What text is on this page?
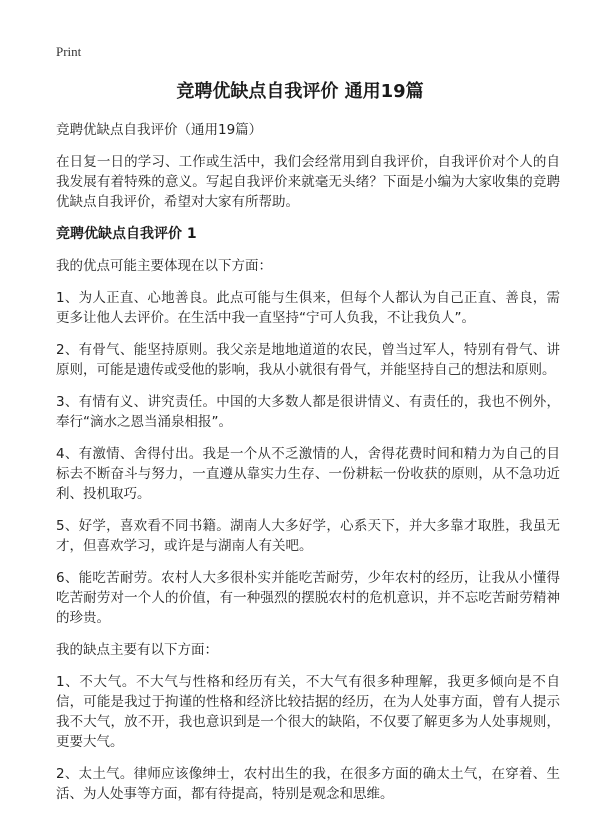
Print
竞聘优缺点自我评价 通用19篇

竞聘优缺点自我评价（通用19篇）

在日复一日的学习、工作或生活中，我们会经常用到自我评价，自我评价对个人的自我发展有着特殊的意义。写起自我评价来就毫无头绪？下面是小编为大家收集的竞聘优缺点自我评价，希望对大家有所帮助。

竞聘优缺点自我评价 1

我的优点可能主要体现在以下方面：

1、为人正直、心地善良。此点可能与生俱来，但每个人都认为自己正直、善良，需更多让他人去评价。在生活中我一直坚持“宁可人负我，不让我负人”。

2、有骨气、能坚持原则。我父亲是地地道道的农民，曾当过军人，特别有骨气、讲原则，可能是遗传或受他的影响，我从小就很有骨气，并能坚持自己的想法和原则。

3、有情有义、讲究责任。中国的大多数人都是很讲情义、有责任的，我也不例外，奉行“滴水之恩当涌泉相报”。

4、有激情、舍得付出。我是一个从不乏激情的人，舍得花费时间和精力为自己的目标去不断奋斗与努力，一直遵从靠实力生存、一份耕耘一份收获的原则，从不急功近利、投机取巧。

5、好学，喜欢看不同书籍。湖南人大多好学，心系天下，并大多靠才取胜，我虽无才，但喜欢学习，或许是与湖南人有关吧。

6、能吃苦耐劳。农村人大多很朴实并能吃苦耐劳，少年农村的经历，让我从小懂得吃苦耐劳对一个人的价值，有一种强烈的摆脱农村的危机意识，并不忘吃苦耐劳精神的珍贵。

我的缺点主要有以下方面：

1、不大气。不大气与性格和经历有关，不大气有很多种理解，我更多倾向是不自信，可能是我过于拘谨的性格和经济比较拮据的经历，在为人处事方面，曾有人提示我不大气，放不开，我也意识到是一个很大的缺陷，不仅要了解更多为人处事规则，更要大气。

2、太土气。律师应该像绅士，农村出生的我，在很多方面的确太土气，在穿着、生活、为人处事等方面，都有待提高，特别是观念和思维。
